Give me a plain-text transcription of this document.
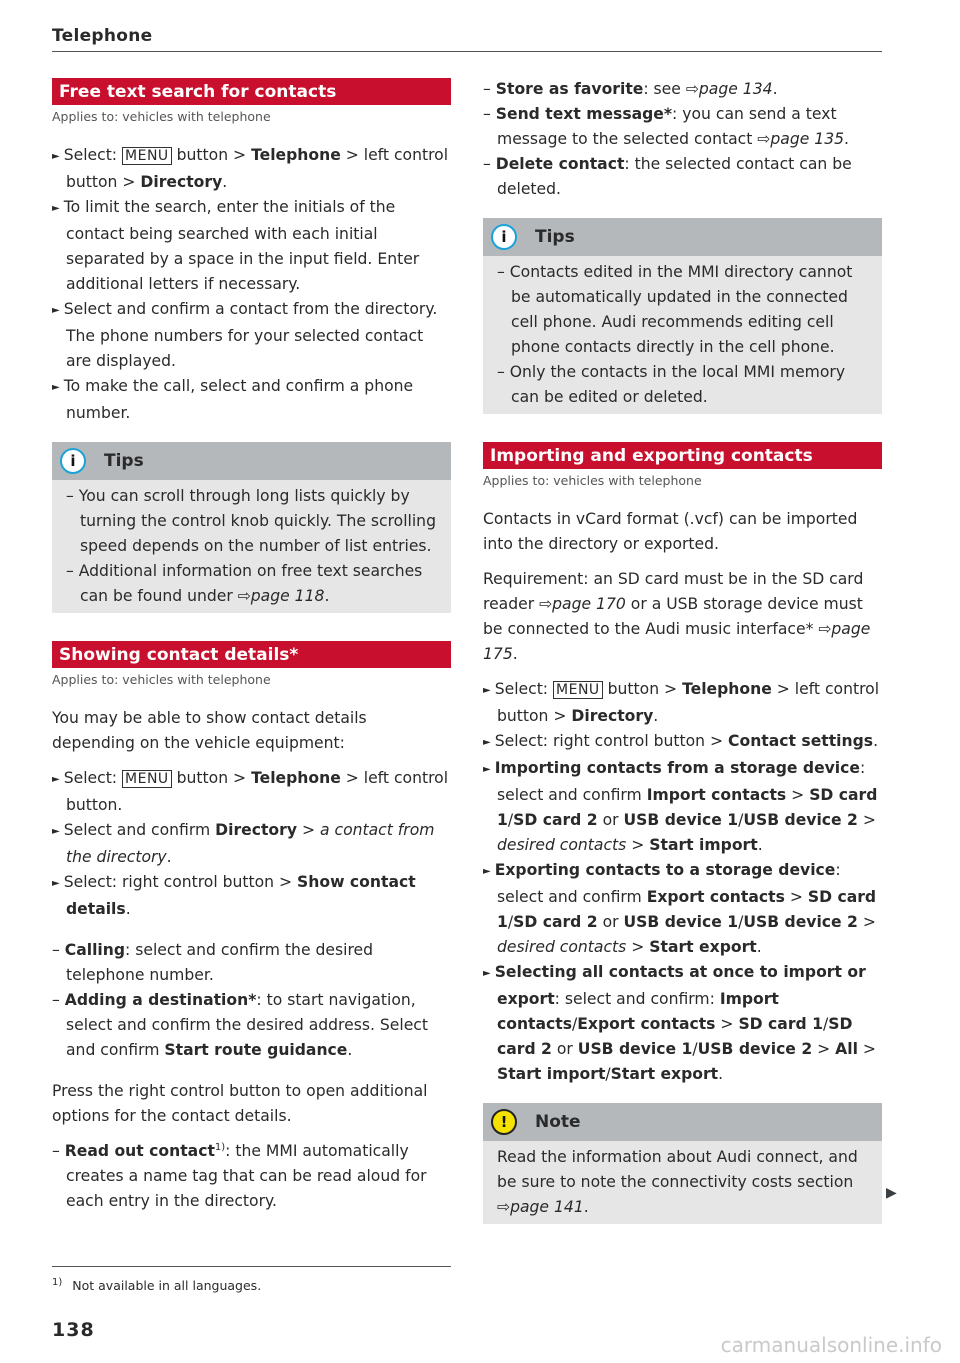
Telephone
Free text search for contacts
Applies to: vehicles with telephone
► Select: MENU button > Telephone > left control button > Directory.
► To limit the search, enter the initials of the contact being searched with each initial separated by a space in the input field. Enter additional letters if necessary.
► Select and confirm a contact from the directory. The phone numbers for your selected contact are displayed.
► To make the call, select and confirm a phone number.
i	Tips
– You can scroll through long lists quickly by turning the control knob quickly. The scrolling speed depends on the number of list entries.
– Additional information on free text searches can be found under ⇨page 118.
Showing contact details*
Applies to: vehicles with telephone
You may be able to show contact details depending on the vehicle equipment:
► Select: MENU button > Telephone > left control button.
► Select and confirm Directory > a contact from the directory.
► Select: right control button > Show contact details.
– Calling: select and confirm the desired telephone number.
– Adding a destination*: to start navigation, select and confirm the desired address. Select and confirm Start route guidance.
Press the right control button to open additional options for the contact details.
– Read out contact$^{1)}$: the MMI automatically creates a name tag that can be read aloud for each entry in the directory.
– Store as favorite: see ⇨page 134.
– Send text message*: you can send a text message to the selected contact ⇨page 135.
– Delete contact: the selected contact can be deleted.
i	Tips
– Contacts edited in the MMI directory cannot be automatically updated in the connected cell phone. Audi recommends editing cell phone contacts directly in the cell phone.
– Only the contacts in the local MMI memory can be edited or deleted.
Importing and exporting contacts
Applies to: vehicles with telephone
Contacts in vCard format (.vcf) can be imported into the directory or exported.
Requirement: an SD card must be in the SD card reader ⇨page 170 or a USB storage device must be connected to the Audi music interface* ⇨page 175.
► Select: MENU button > Telephone > left control button > Directory.
► Select: right control button > Contact settings.
► Importing contacts from a storage device: select and confirm Import contacts > SD card 1/SD card 2 or USB device 1/USB device 2 > desired contacts > Start import.
► Exporting contacts to a storage device: select and confirm Export contacts > SD card 1/SD card 2 or USB device 1/USB device 2 > desired contacts > Start export.
► Selecting all contacts at once to import or export: select and confirm: Import contacts/Export contacts > SD card 1/SD card 2 or USB device 1/USB device 2 > All > Start import/Start export.
!	Note
Read the information about Audi connect, and be sure to note the connectivity costs section ⇨page 141.
$^{1)}$ Not available in all languages.
138
▶
carmanualsonline.info
